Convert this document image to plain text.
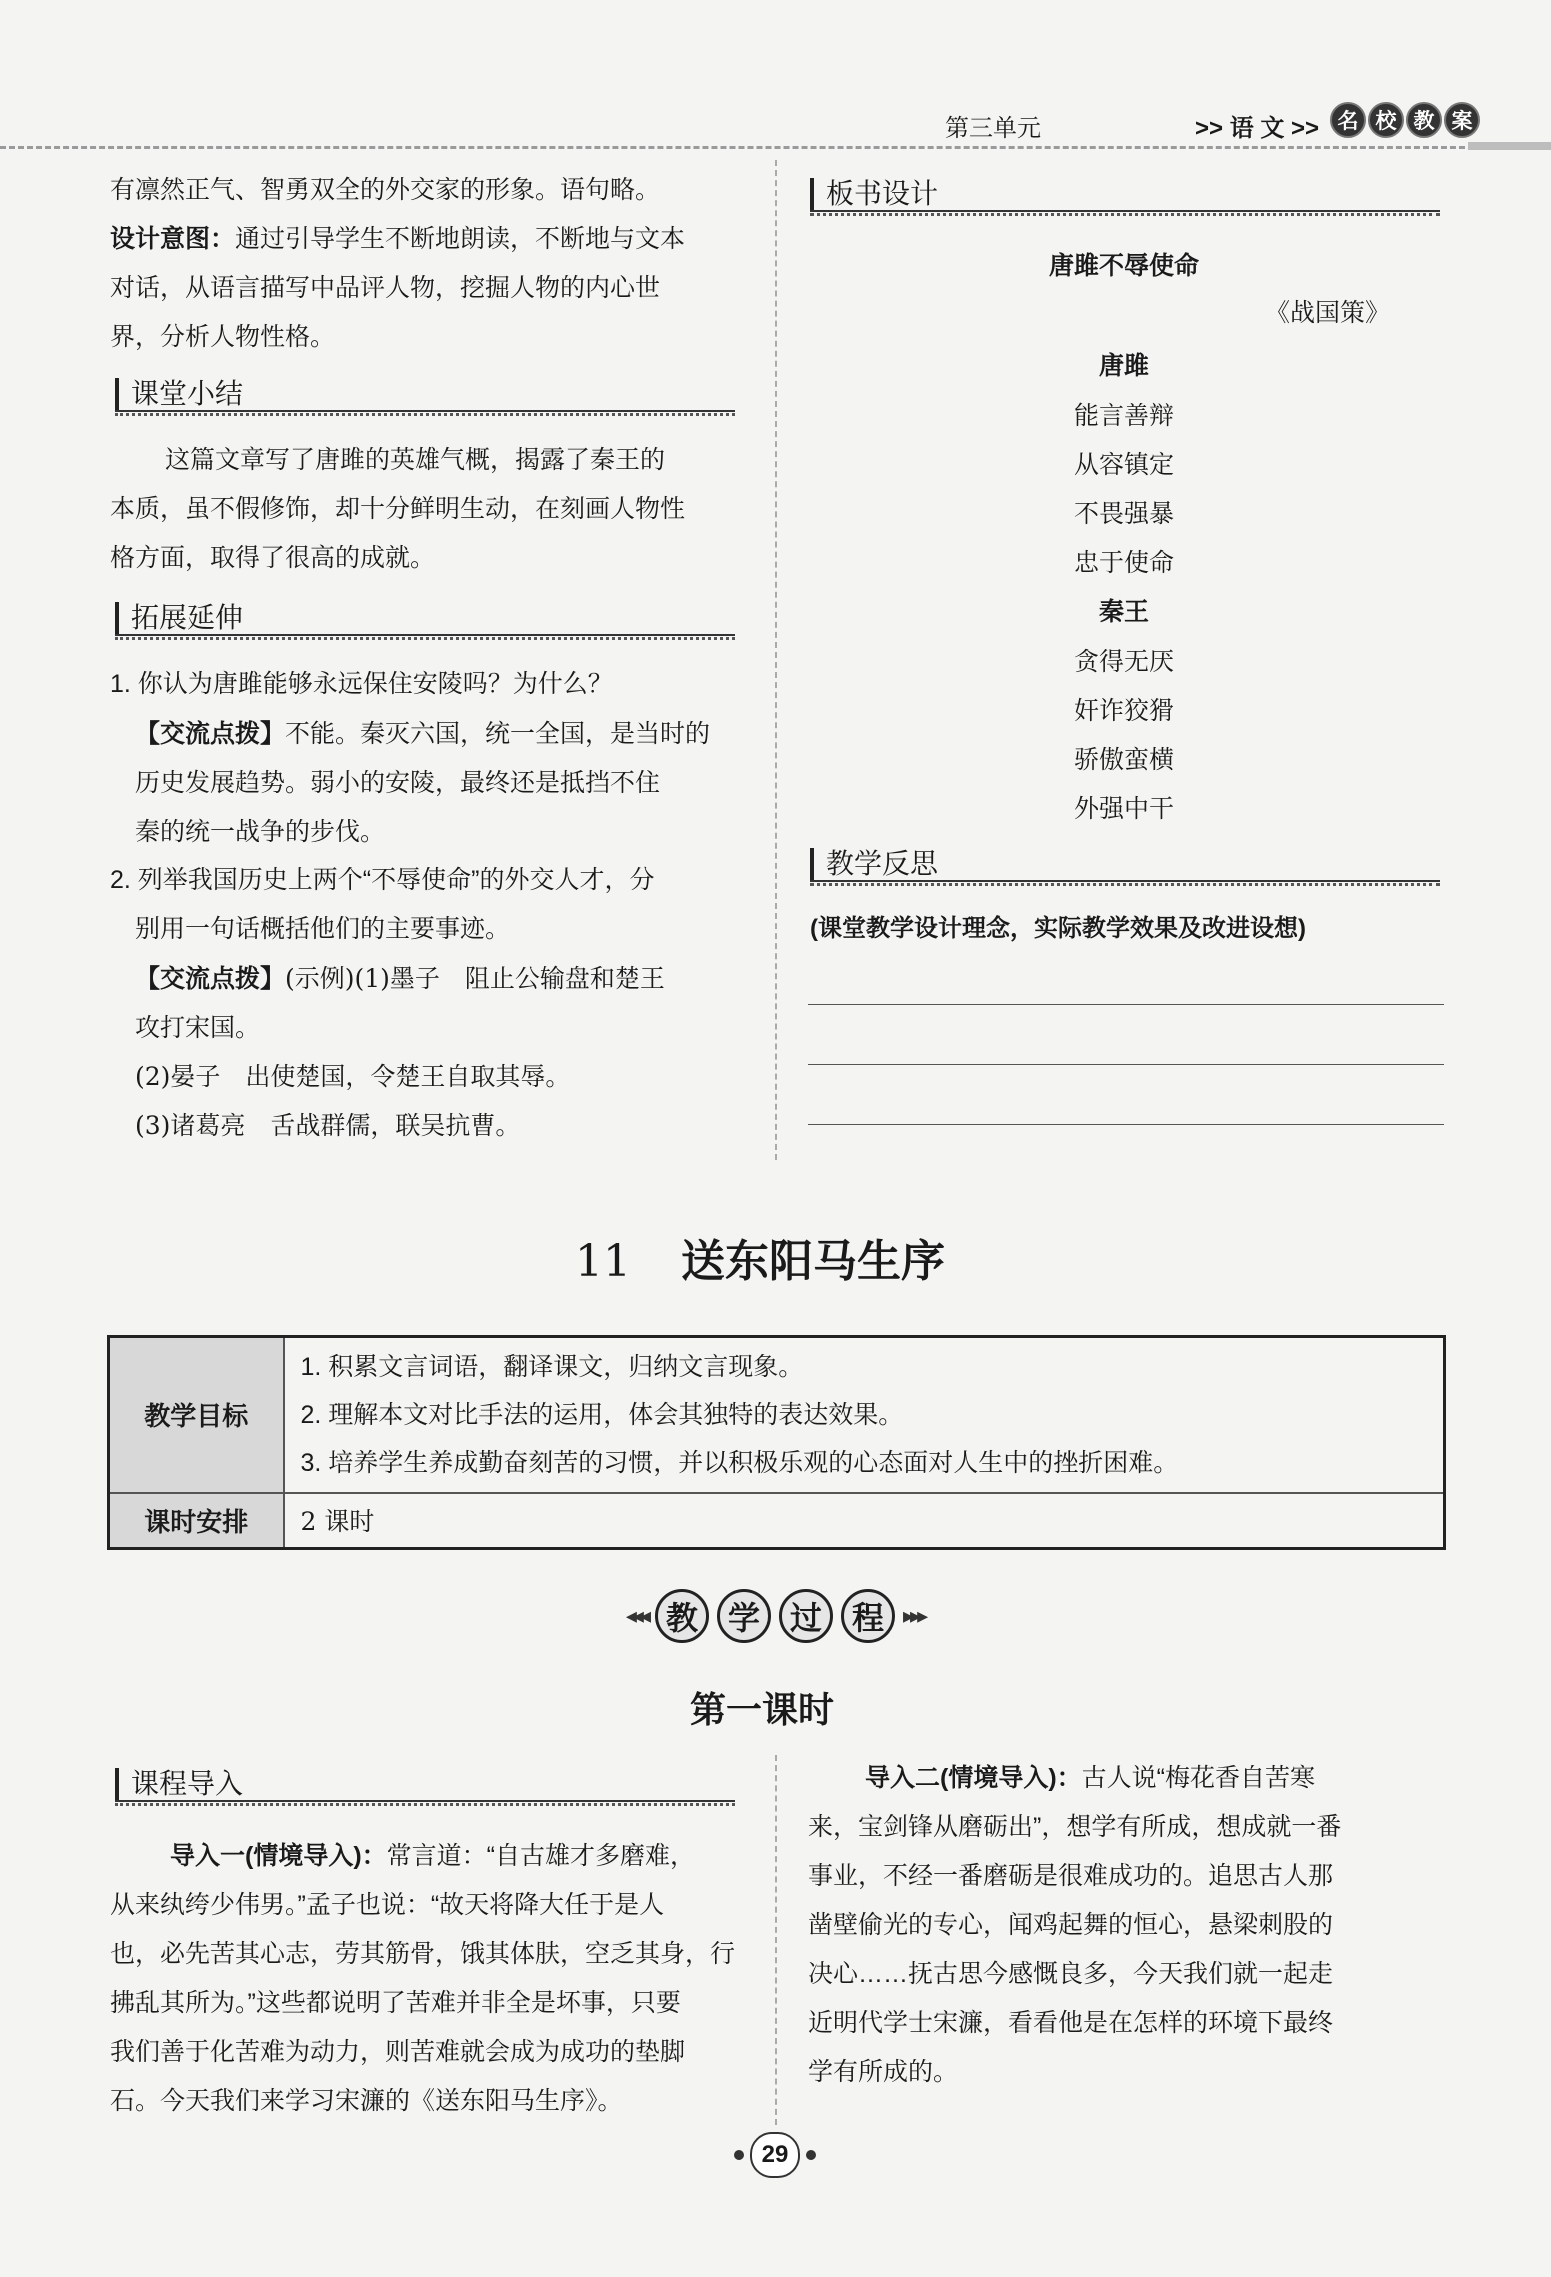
第三单元	>> 语 文 >> 名 校 教 案
有凛然正气、智勇双全的外交家的形象。语句略。
设计意图：通过引导学生不断地朗读，不断地与文本
对话，从语言描写中品评人物，挖掘人物的内心世
界，分析人物性格。
课堂小结
这篇文章写了唐雎的英雄气概，揭露了秦王的
本质，虽不假修饰，却十分鲜明生动，在刻画人物性
格方面，取得了很高的成就。
拓展延伸
1. 你认为唐雎能够永远保住安陵吗？为什么？
【交流点拨】不能。秦灭六国，统一全国，是当时的
历史发展趋势。弱小的安陵，最终还是抵挡不住
秦的统一战争的步伐。
2. 列举我国历史上两个“不辱使命”的外交人才，分
别用一句话概括他们的主要事迹。
【交流点拨】(示例)(1)墨子　阻止公输盘和楚王
攻打宋国。
(2)晏子　出使楚国，令楚王自取其辱。
(3)诸葛亮　舌战群儒，联吴抗曹。
板书设计
唐雎不辱使命
《战国策》
唐雎
能言善辩
从容镇定
不畏强暴
忠于使命
秦王
贪得无厌
奸诈狡猾
骄傲蛮横
外强中干
教学反思
(课堂教学设计理念，实际教学效果及改进设想)
11 送东阳马生序
教学目标	1. 积累文言词语，翻译课文，归纳文言现象。
2. 理解本文对比手法的运用，体会其独特的表达效果。
3. 培养学生养成勤奋刻苦的习惯，并以积极乐观的心态面对人生中的挫折困难。

课时安排	2 课时
◂◂◂ 教 学 过 程 ▸▸▸
第一课时
课程导入
导入一(情境导入)：常言道：“自古雄才多磨难，
从来纨绔少伟男。”孟子也说：“故天将降大任于是人
也，必先苦其心志，劳其筋骨，饿其体肤，空乏其身，行
拂乱其所为。”这些都说明了苦难并非全是坏事，只要
我们善于化苦难为动力，则苦难就会成为成功的垫脚
石。今天我们来学习宋濂的《送东阳马生序》。
导入二(情境导入)：古人说“梅花香自苦寒
来，宝剑锋从磨砺出”，想学有所成，想成就一番
事业，不经一番磨砺是很难成功的。追思古人那
凿壁偷光的专心，闻鸡起舞的恒心，悬梁刺股的
决心……抚古思今感慨良多，今天我们就一起走
近明代学士宋濂，看看他是在怎样的环境下最终
学有所成的。
29
